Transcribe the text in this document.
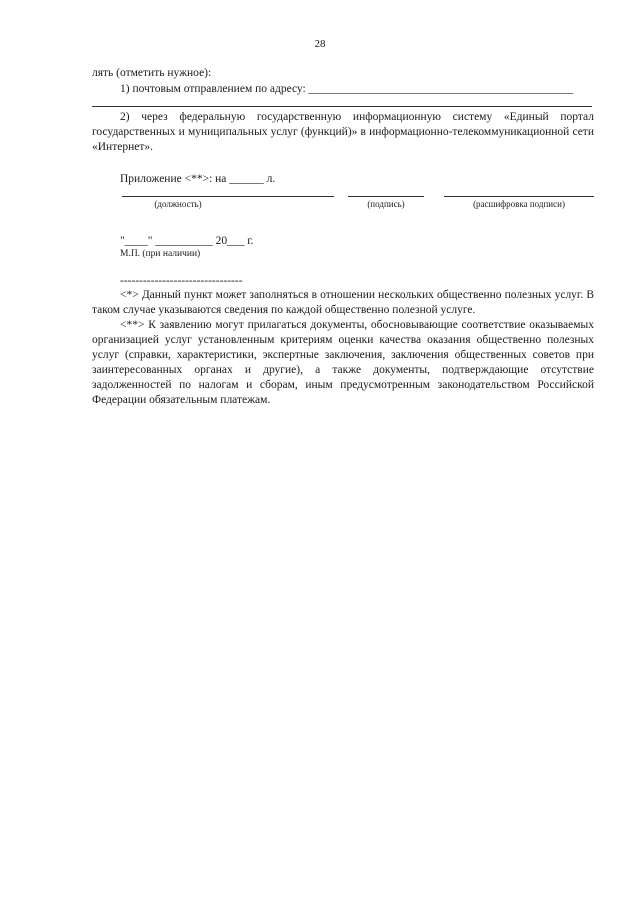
28
лять (отметить нужное):
1) почтовым отправлением по адресу: ______________________________________________

2) через федеральную государственную информационную систему «Единый портал государственных и муниципальных услуг (функций)» в информационно-телекоммуникационной сети «Интернет».

Приложение <**>: на ______ л.
(должность)	(подпись)	(расшифровка подписи)
"____" __________ 20___ г.
М.П. (при наличии)
--------------------------------

<*> Данный пункт может заполняться в отношении нескольких общественно полезных услуг. В таком случае указываются сведения по каждой общественно полезной услуге.

<**> К заявлению могут прилагаться документы, обосновывающие соответствие оказываемых организацией услуг установленным критериям оценки качества оказания общественно полезных услуг (справки, характеристики, экспертные заключения, заключения общественных советов при заинтересованных органах и другие), а также документы, подтверждающие отсутствие задолженностей по налогам и сборам, иным предусмотренным законодательством Российской Федерации обязательным платежам.
